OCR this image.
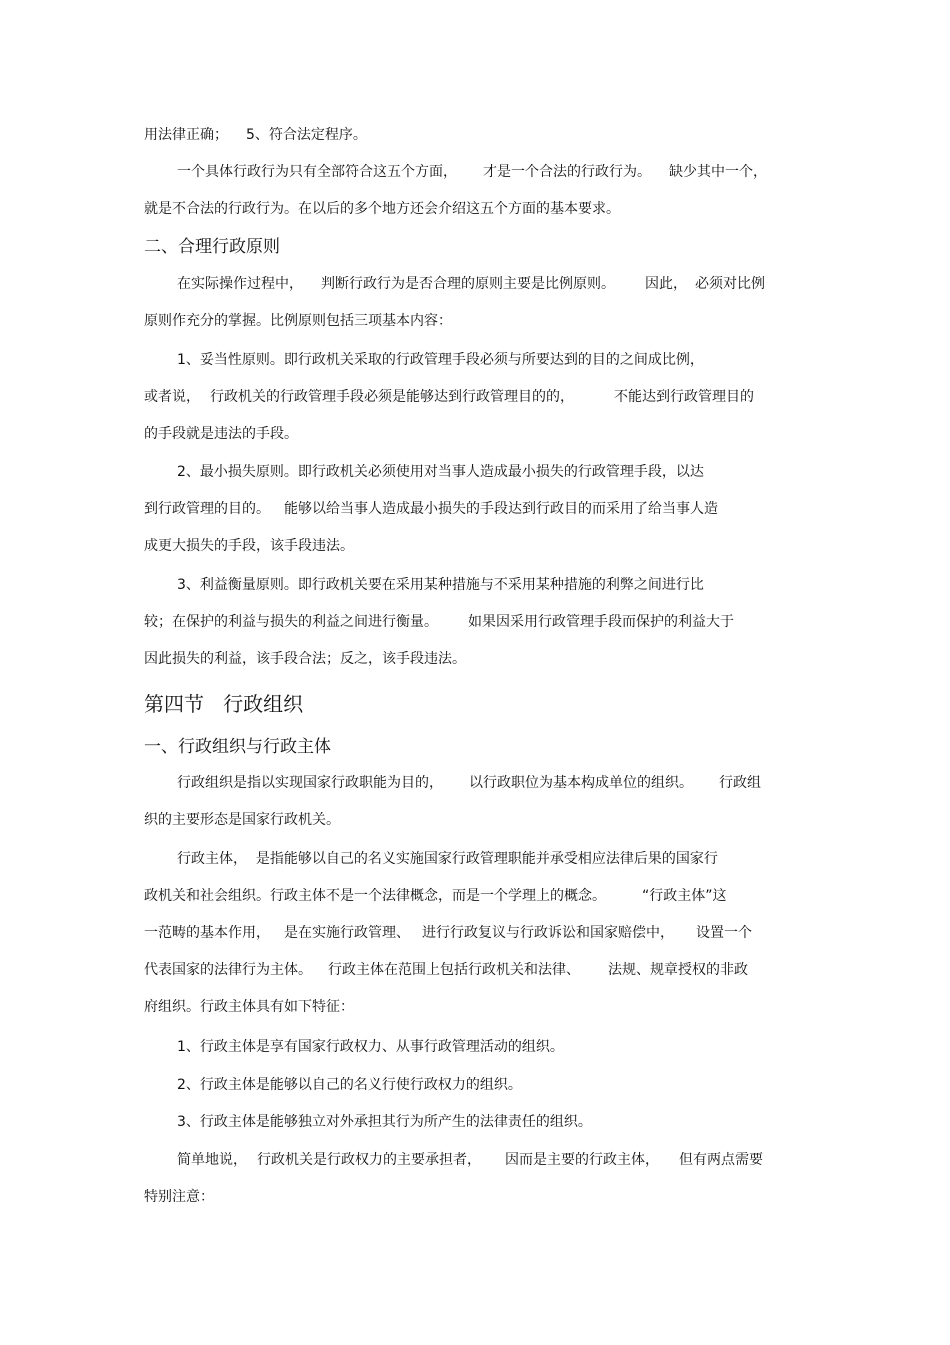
用法律正确； 5、符合法定程序。
一个具体行政行为只有全部符合这五个方面， 才是一个合法的行政行为。 缺少其中一个，
就是不合法的行政行为。在以后的多个地方还会介绍这五个方面的基本要求。
二、合理行政原则
在实际操作过程中， 判断行政行为是否合理的原则主要是比例原则。 因此， 必须对比例
原则作充分的掌握。比例原则包括三项基本内容：
1、妥当性原则。即行政机关采取的行政管理手段必须与所要达到的目的之间成比例，
或者说， 行政机关的行政管理手段必须是能够达到行政管理目的的，	不能达到行政管理目的
的手段就是违法的手段。
2、最小损失原则。即行政机关必须使用对当事人造成最小损失的行政管理手段，以达
到行政管理的目的。 能够以给当事人造成最小损失的手段达到行政目的而采用了给当事人造
成更大损失的手段，该手段违法。
3、利益衡量原则。即行政机关要在采用某种措施与不采用某种措施的利弊之间进行比
较；在保护的利益与损失的利益之间进行衡量。 如果因采用行政管理手段而保护的利益大于
因此损失的利益，该手段合法；反之，该手段违法。
第四节   行政组织
一、行政组织与行政主体
行政组织是指以实现国家行政职能为目的， 以行政职位为基本构成单位的组织。 行政组
织的主要形态是国家行政机关。
行政主体，  是指能够以自己的名义实施国家行政管理职能并承受相应法律后果的国家行
政机关和社会组织。行政主体不是一个法律概念，而是一个学理上的概念。	“行政主体”这
一范畴的基本作用， 是在实施行政管理、 进行行政复议与行政诉讼和国家赔偿中， 设置一个
代表国家的法律行为主体。 行政主体在范围上包括行政机关和法律、 法规、规章授权的非政
府组织。行政主体具有如下特征：
1、行政主体是享有国家行政权力、从事行政管理活动的组织。
2、行政主体是能够以自己的名义行使行政权力的组织。
3、行政主体是能够独立对外承担其行为所产生的法律责任的组织。
简单地说， 行政机关是行政权力的主要承担者， 因而是主要的行政主体， 但有两点需要
特别注意：
